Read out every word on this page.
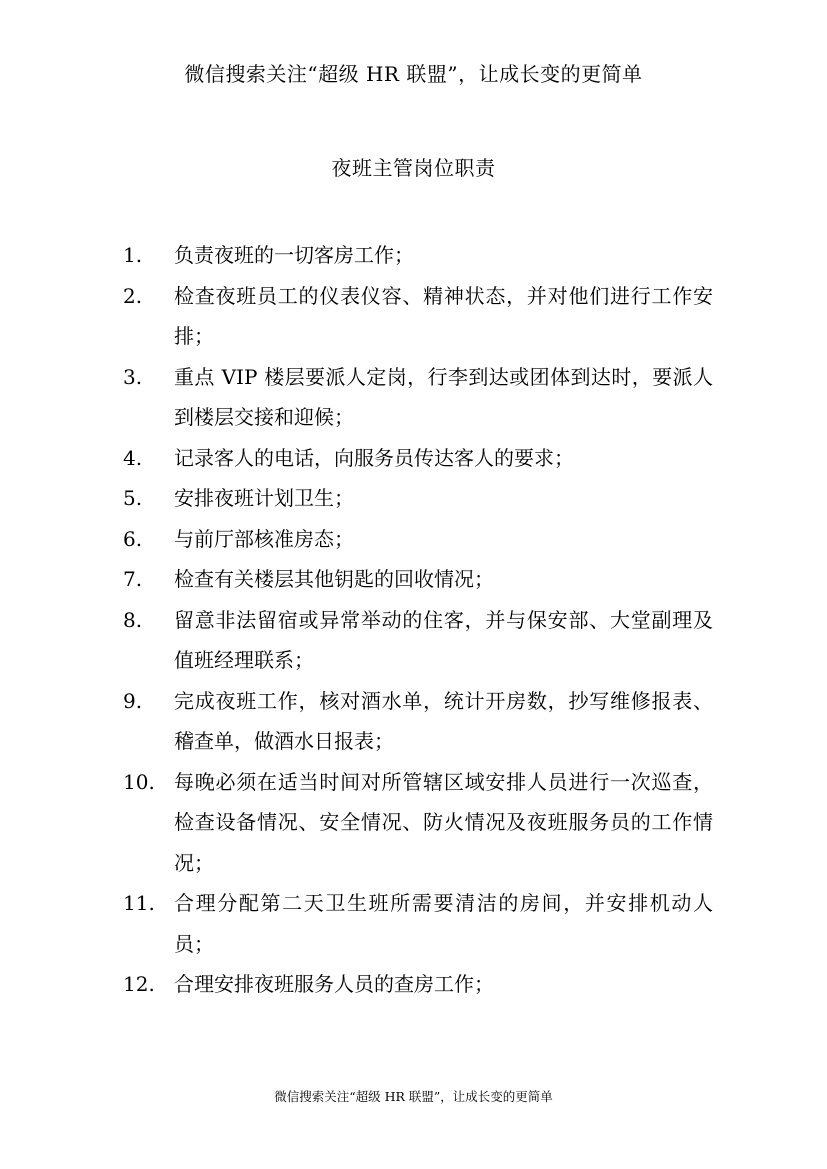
微信搜索关注“超级 HR 联盟”，让成长变的更简单
夜班主管岗位职责
1. 负责夜班的一切客房工作；
2. 检查夜班员工的仪表仪容、精神状态，并对他们进行工作安排；
3. 重点 VIP 楼层要派人定岗，行李到达或团体到达时，要派人到楼层交接和迎候；
4. 记录客人的电话，向服务员传达客人的要求；
5. 安排夜班计划卫生；
6. 与前厅部核准房态；
7. 检查有关楼层其他钥匙的回收情况；
8. 留意非法留宿或异常举动的住客，并与保安部、大堂副理及值班经理联系；
9. 完成夜班工作，核对酒水单，统计开房数，抄写维修报表、稽查单，做酒水日报表；
10. 每晚必须在适当时间对所管辖区域安排人员进行一次巡查，检查设备情况、安全情况、防火情况及夜班服务员的工作情况；
11. 合理分配第二天卫生班所需要清洁的房间，并安排机动人员；
12. 合理安排夜班服务人员的查房工作；
微信搜索关注“超级 HR 联盟”，让成长变的更简单
